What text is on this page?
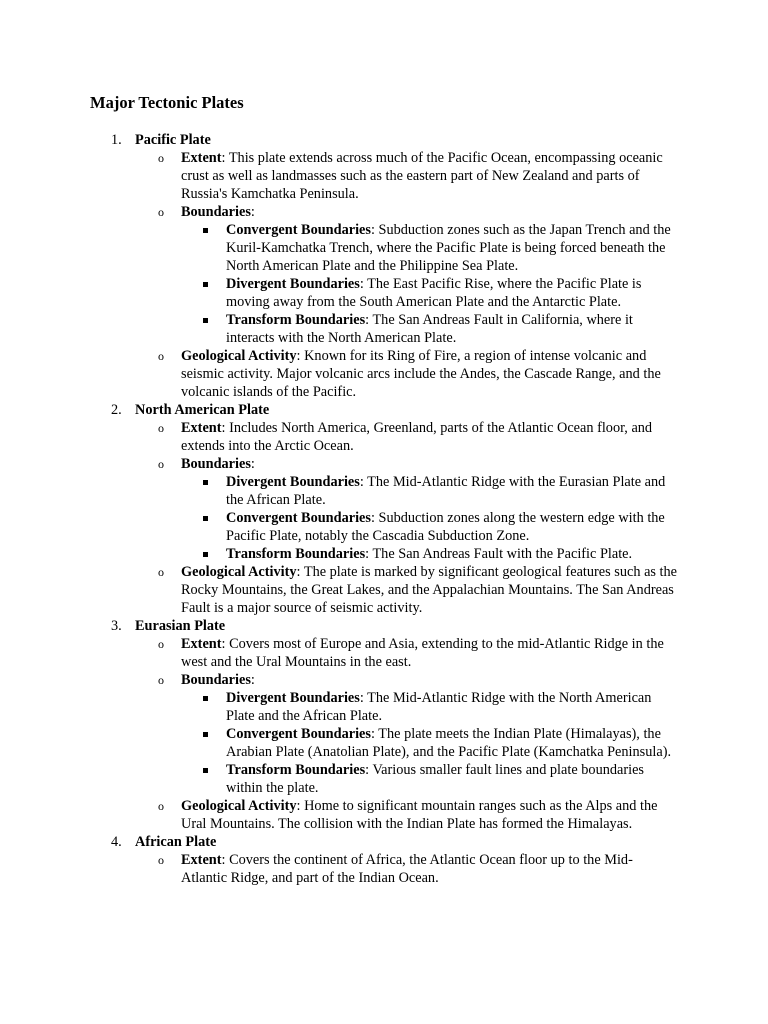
Major Tectonic Plates
1. Pacific Plate
o Extent: This plate extends across much of the Pacific Ocean, encompassing oceanic crust as well as landmasses such as the eastern part of New Zealand and parts of Russia's Kamchatka Peninsula.
o Boundaries:
Convergent Boundaries: Subduction zones such as the Japan Trench and the Kuril-Kamchatka Trench, where the Pacific Plate is being forced beneath the North American Plate and the Philippine Sea Plate.
Divergent Boundaries: The East Pacific Rise, where the Pacific Plate is moving away from the South American Plate and the Antarctic Plate.
Transform Boundaries: The San Andreas Fault in California, where it interacts with the North American Plate.
o Geological Activity: Known for its Ring of Fire, a region of intense volcanic and seismic activity. Major volcanic arcs include the Andes, the Cascade Range, and the volcanic islands of the Pacific.
2. North American Plate
o Extent: Includes North America, Greenland, parts of the Atlantic Ocean floor, and extends into the Arctic Ocean.
o Boundaries:
Divergent Boundaries: The Mid-Atlantic Ridge with the Eurasian Plate and the African Plate.
Convergent Boundaries: Subduction zones along the western edge with the Pacific Plate, notably the Cascadia Subduction Zone.
Transform Boundaries: The San Andreas Fault with the Pacific Plate.
o Geological Activity: The plate is marked by significant geological features such as the Rocky Mountains, the Great Lakes, and the Appalachian Mountains. The San Andreas Fault is a major source of seismic activity.
3. Eurasian Plate
o Extent: Covers most of Europe and Asia, extending to the mid-Atlantic Ridge in the west and the Ural Mountains in the east.
o Boundaries:
Divergent Boundaries: The Mid-Atlantic Ridge with the North American Plate and the African Plate.
Convergent Boundaries: The plate meets the Indian Plate (Himalayas), the Arabian Plate (Anatolian Plate), and the Pacific Plate (Kamchatka Peninsula).
Transform Boundaries: Various smaller fault lines and plate boundaries within the plate.
o Geological Activity: Home to significant mountain ranges such as the Alps and the Ural Mountains. The collision with the Indian Plate has formed the Himalayas.
4. African Plate
o Extent: Covers the continent of Africa, the Atlantic Ocean floor up to the Mid-Atlantic Ridge, and part of the Indian Ocean.
